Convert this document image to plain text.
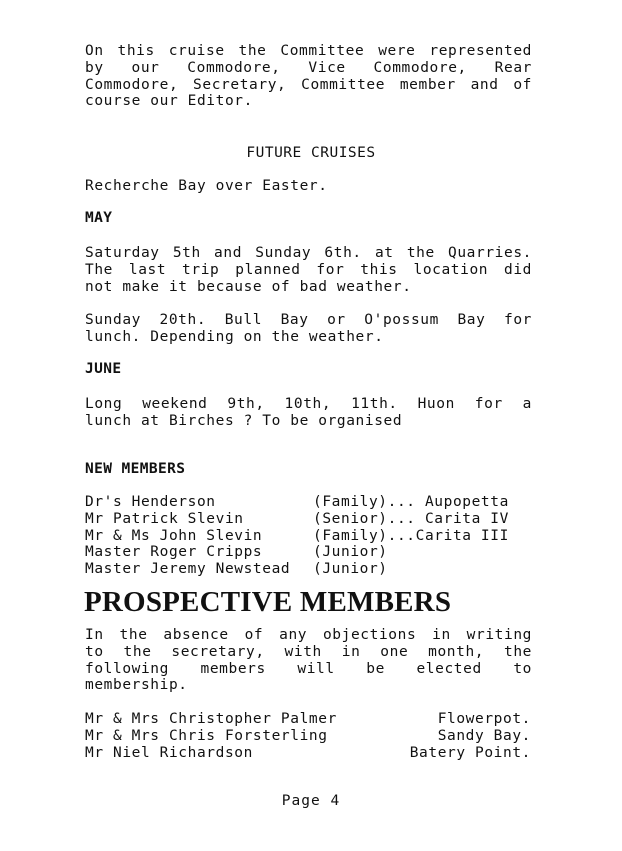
On this cruise the Committee were represented
by our Commodore, Vice Commodore, Rear
Commodore, Secretary, Committee member and of
course our Editor.

FUTURE CRUISES

Recherche Bay over Easter.

MAY

Saturday 5th and Sunday 6th. at the Quarries.
The last trip planned for this location did
not make it because of bad weather.

Sunday 20th. Bull Bay or O'possum Bay for
lunch. Depending on the weather.

JUNE

Long weekend 9th, 10th, 11th. Huon for a
lunch at Birches ? To be organised

NEW MEMBERS
Dr's Henderson	(Family)... Aupopetta
Mr Patrick Slevin	(Senior)... Carita IV
Mr & Ms John Slevin	(Family)...Carita III
Master Roger Cripps	(Junior)
Master Jeremy Newstead	(Junior)
PROSPECTIVE MEMBERS

In the absence of any objections in writing
to the secretary, with in one month, the
following members will be elected to
membership.

Mr & Mrs Christopher Palmer	Flowerpot.
Mr & Mrs Chris Forsterling	Sandy Bay.
Mr Niel Richardson	Batery Point.
Page 4
